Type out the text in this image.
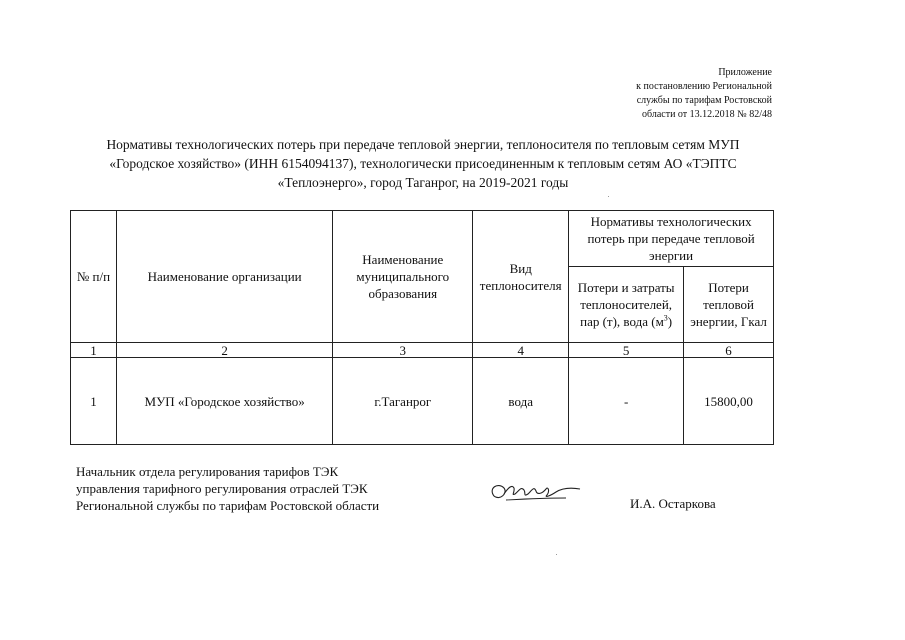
Приложение
к постановлению Региональной
службы по тарифам Ростовской
области от 13.12.2018 № 82/48
Нормативы технологических потерь при передаче тепловой энергии, теплоносителя по тепловым сетям МУП
«Городское хозяйство» (ИНН 6154094137), технологически присоединенным к тепловым сетям АО «ТЭПТС
«Теплоэнерго», город Таганрог, на 2019-2021 годы
№ п/п	Наименование организации	Наименование муниципального образования	Вид теплоносителя	Нормативы технологических потерь при передаче тепловой энергии	
				Потери и затраты теплоносителей, пар (т), вода $(м^3)$	Потери тепловой энергии, Гкал
1	2	3	4	5	6
1	МУП «Городское хозяйство»	г.Таганрог	вода	-	15800,00
Начальник отдела регулирования тарифов ТЭК
управления тарифного регулирования отраслей ТЭК
Региональной службы по тарифам Ростовской области	И.А. Остаркова
